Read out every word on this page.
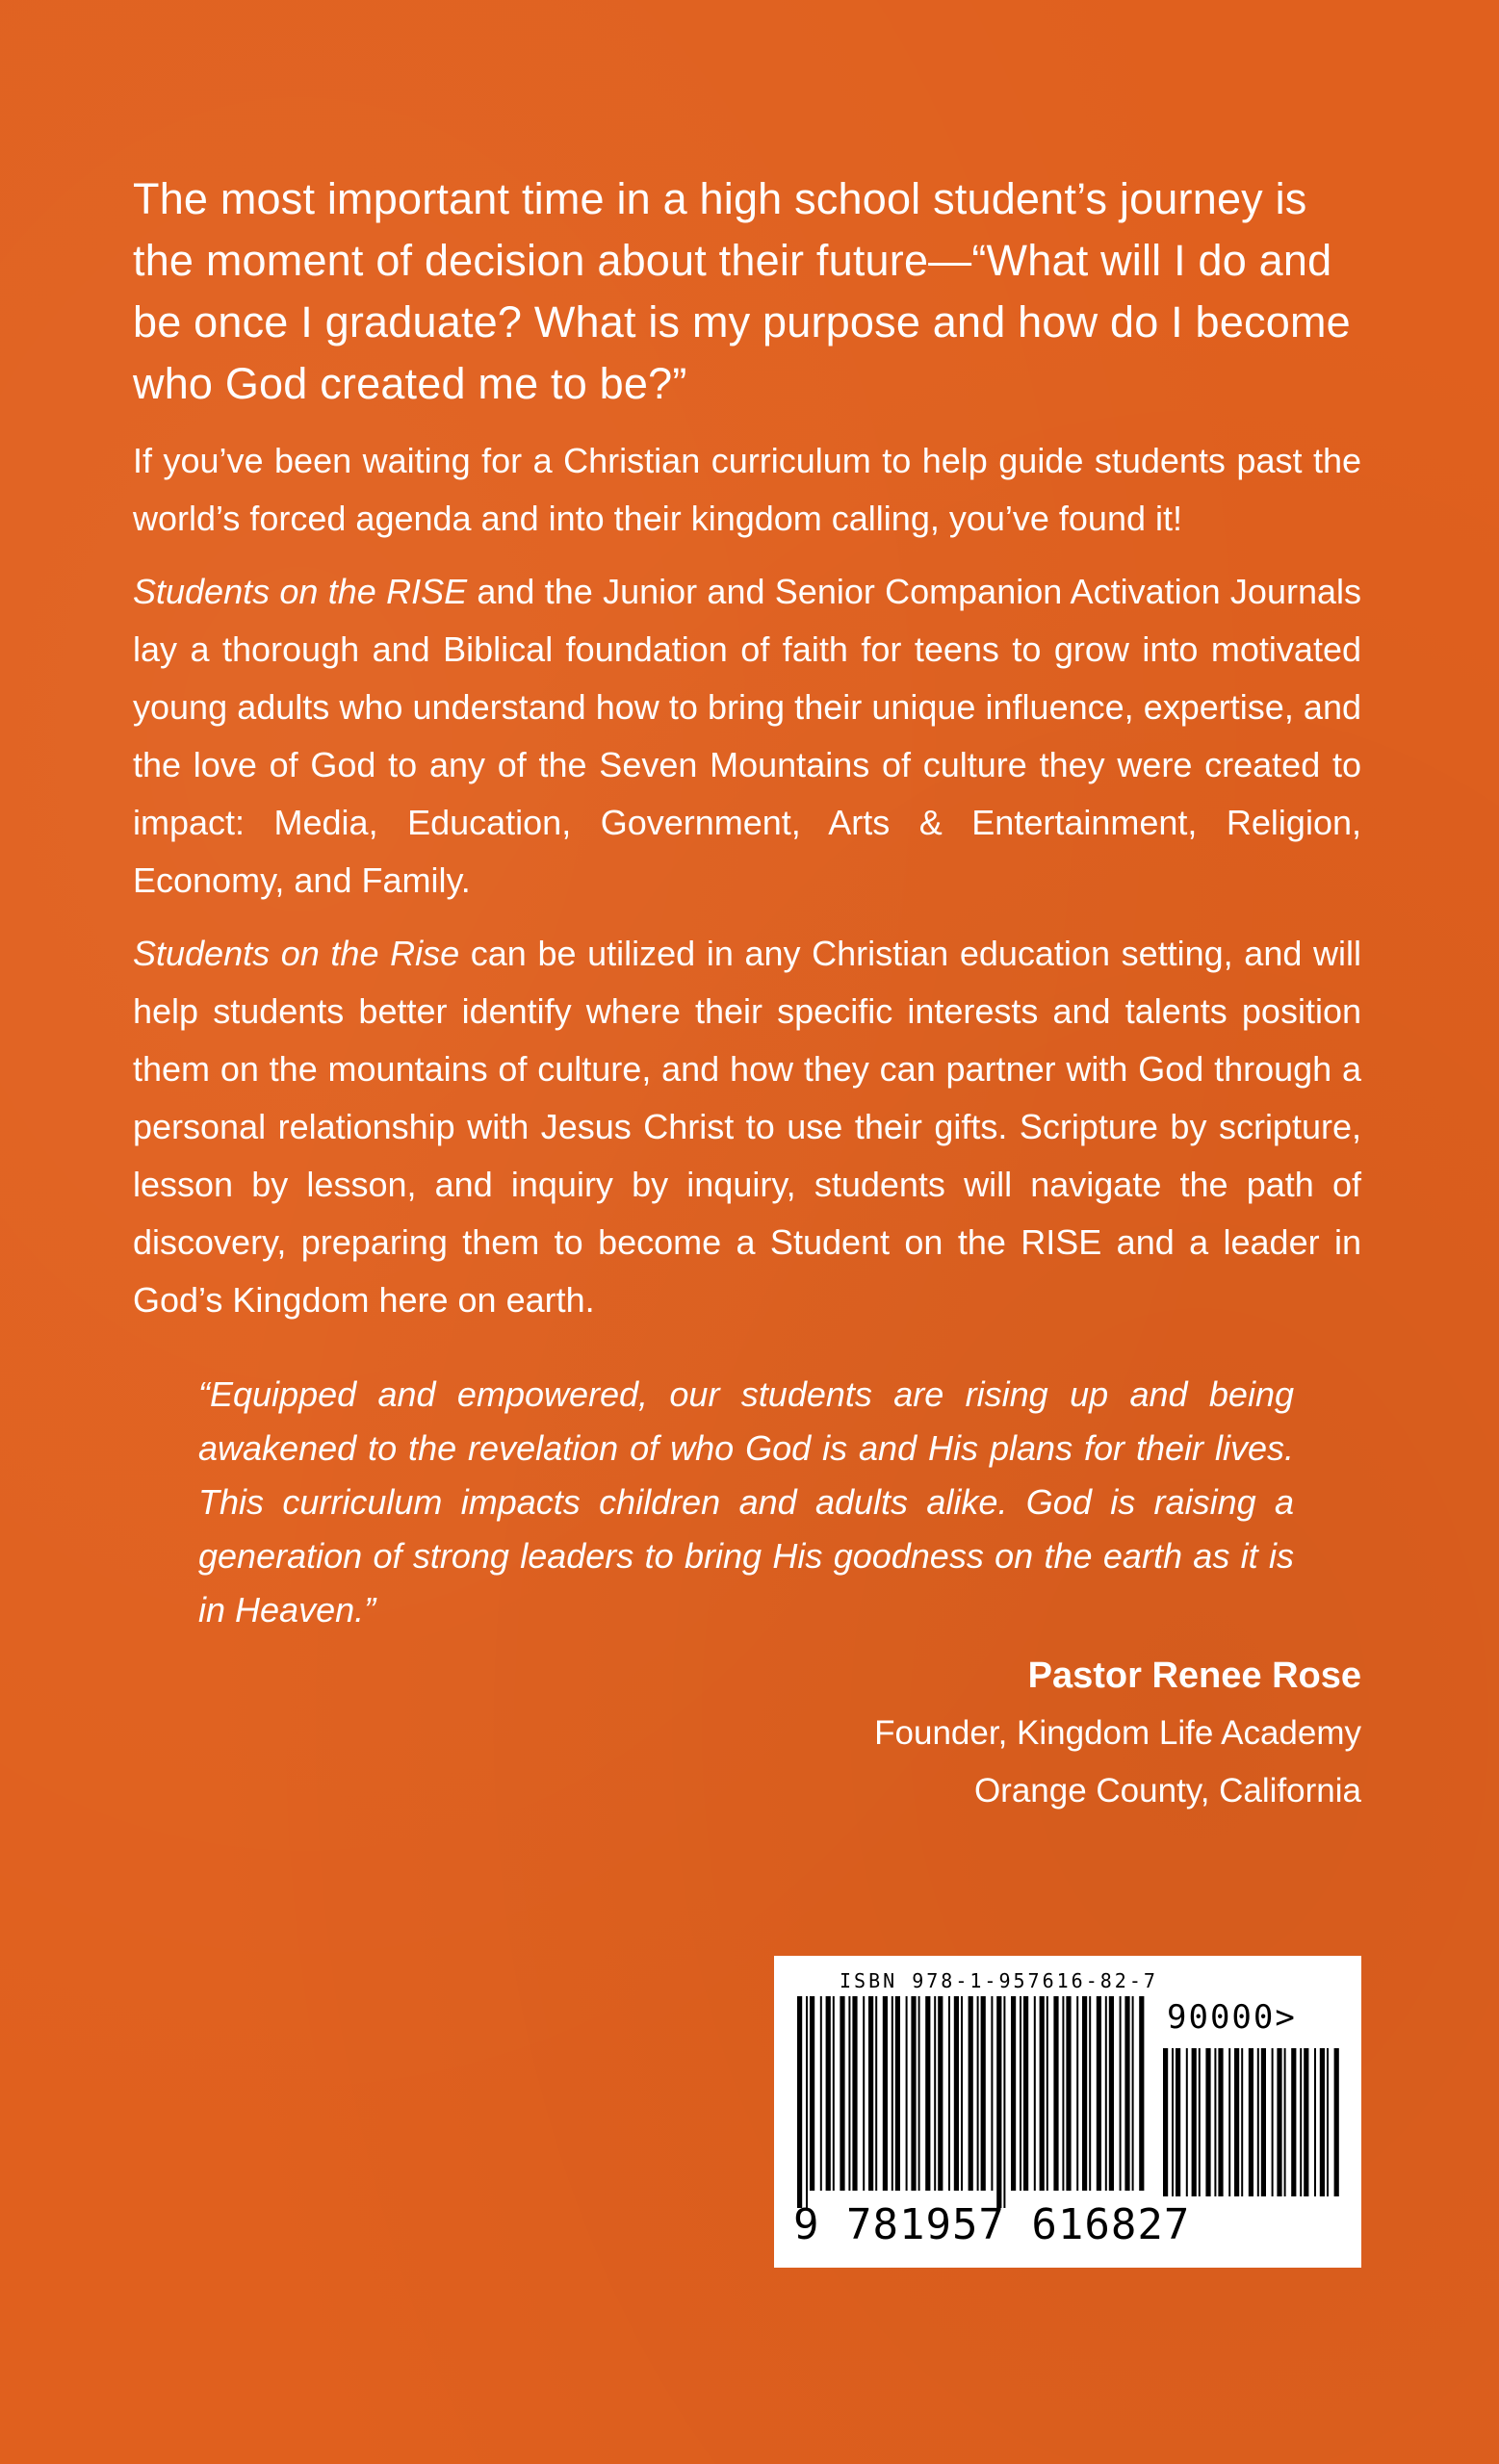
The most important time in a high school student’s journey is the moment of decision about their future—“What will I do and be once I graduate? What is my purpose and how do I become who God created me to be?”

If you’ve been waiting for a Christian curriculum to help guide students past the world’s forced agenda and into their kingdom calling, you’ve found it!

Students on the RISE and the Junior and Senior Companion Activation Journals lay a thorough and Biblical foundation of faith for teens to grow into motivated young adults who understand how to bring their unique influence, expertise, and the love of God to any of the Seven Mountains of culture they were created to impact: Media, Education, Government, Arts & Entertainment, Religion, Economy, and Family.

Students on the Rise can be utilized in any Christian education setting, and will help students better identify where their specific interests and talents position them on the mountains of culture, and how they can partner with God through a personal relationship with Jesus Christ to use their gifts. Scripture by scripture, lesson by lesson, and inquiry by inquiry, students will navigate the path of discovery, preparing them to become a Student on the RISE and a leader in God’s Kingdom here on earth.

“Equipped and empowered, our students are rising up and being awakened to the revelation of who God is and His plans for their lives. This curriculum impacts children and adults alike. God is raising a generation of strong leaders to bring His goodness on the earth as it is in Heaven.”

Pastor Renee Rose
Founder, Kingdom Life Academy
Orange County, California
ISBN 978-1-957616-82-7
90000>
9 781957 616827
